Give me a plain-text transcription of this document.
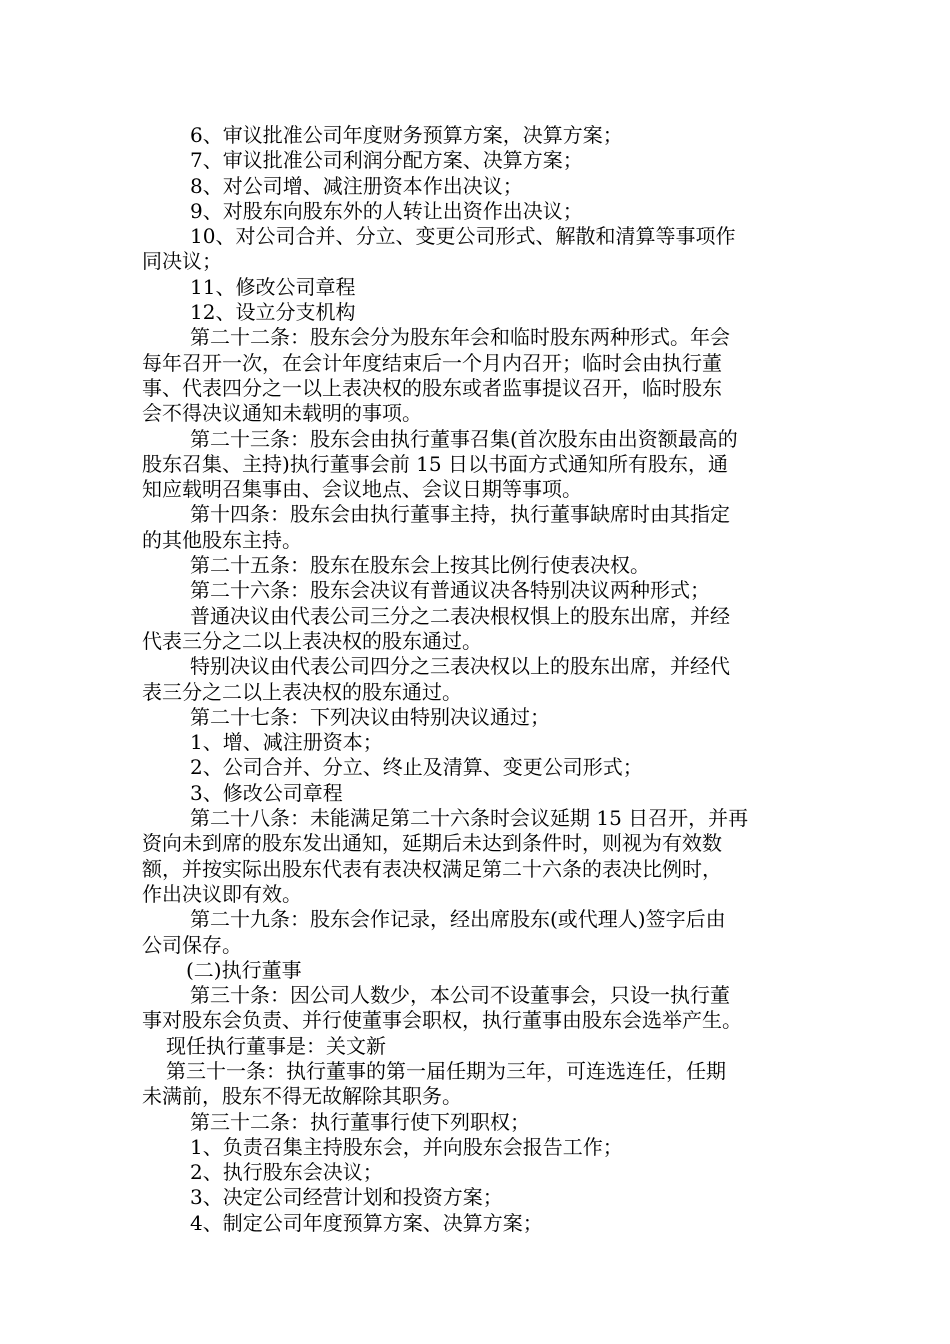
6、审议批准公司年度财务预算方案，决算方案；
7、审议批准公司利润分配方案、决算方案；
8、对公司增、减注册资本作出决议；
9、对股东向股东外的人转让出资作出决议；
10、对公司合并、分立、变更公司形式、解散和清算等事项作
同决议；
11、修改公司章程
12、设立分支机构
第二十二条：股东会分为股东年会和临时股东两种形式。年会
每年召开一次，在会计年度结束后一个月内召开；临时会由执行董
事、代表四分之一以上表决权的股东或者监事提议召开，临时股东
会不得决议通知未载明的事项。
第二十三条：股东会由执行董事召集(首次股东由出资额最高的
股东召集、主持)执行董事会前 15 日以书面方式通知所有股东，通
知应载明召集事由、会议地点、会议日期等事项。
第十四条：股东会由执行董事主持，执行董事缺席时由其指定
的其他股东主持。
第二十五条：股东在股东会上按其比例行使表决权。
第二十六条：股东会决议有普通议决各特别决议两种形式；
普通决议由代表公司三分之二表决根权惧上的股东出席，并经
代表三分之二以上表决权的股东通过。
特别决议由代表公司四分之三表决权以上的股东出席，并经代
表三分之二以上表决权的股东通过。
第二十七条：下列决议由特别决议通过；
1、增、减注册资本；
2、公司合并、分立、终止及清算、变更公司形式；
3、修改公司章程
第二十八条：未能满足第二十六条时会议延期 15 日召开，并再
资向未到席的股东发出通知，延期后未达到条件时，则视为有效数
额，并按实际出股东代表有表决权满足第二十六条的表决比例时，
作出决议即有效。
第二十九条：股东会作记录，经出席股东(或代理人)签字后由
公司保存。
(二)执行董事
第三十条：因公司人数少，本公司不设董事会，只设一执行董
事对股东会负责、并行使董事会职权，执行董事由股东会选举产生。
现任执行董事是：关文新
第三十一条：执行董事的第一届任期为三年，可连选连任，任期
未满前，股东不得无故解除其职务。
第三十二条：执行董事行使下列职权；
1、负责召集主持股东会，并向股东会报告工作；
2、执行股东会决议；
3、决定公司经营计划和投资方案；
4、制定公司年度预算方案、决算方案；
